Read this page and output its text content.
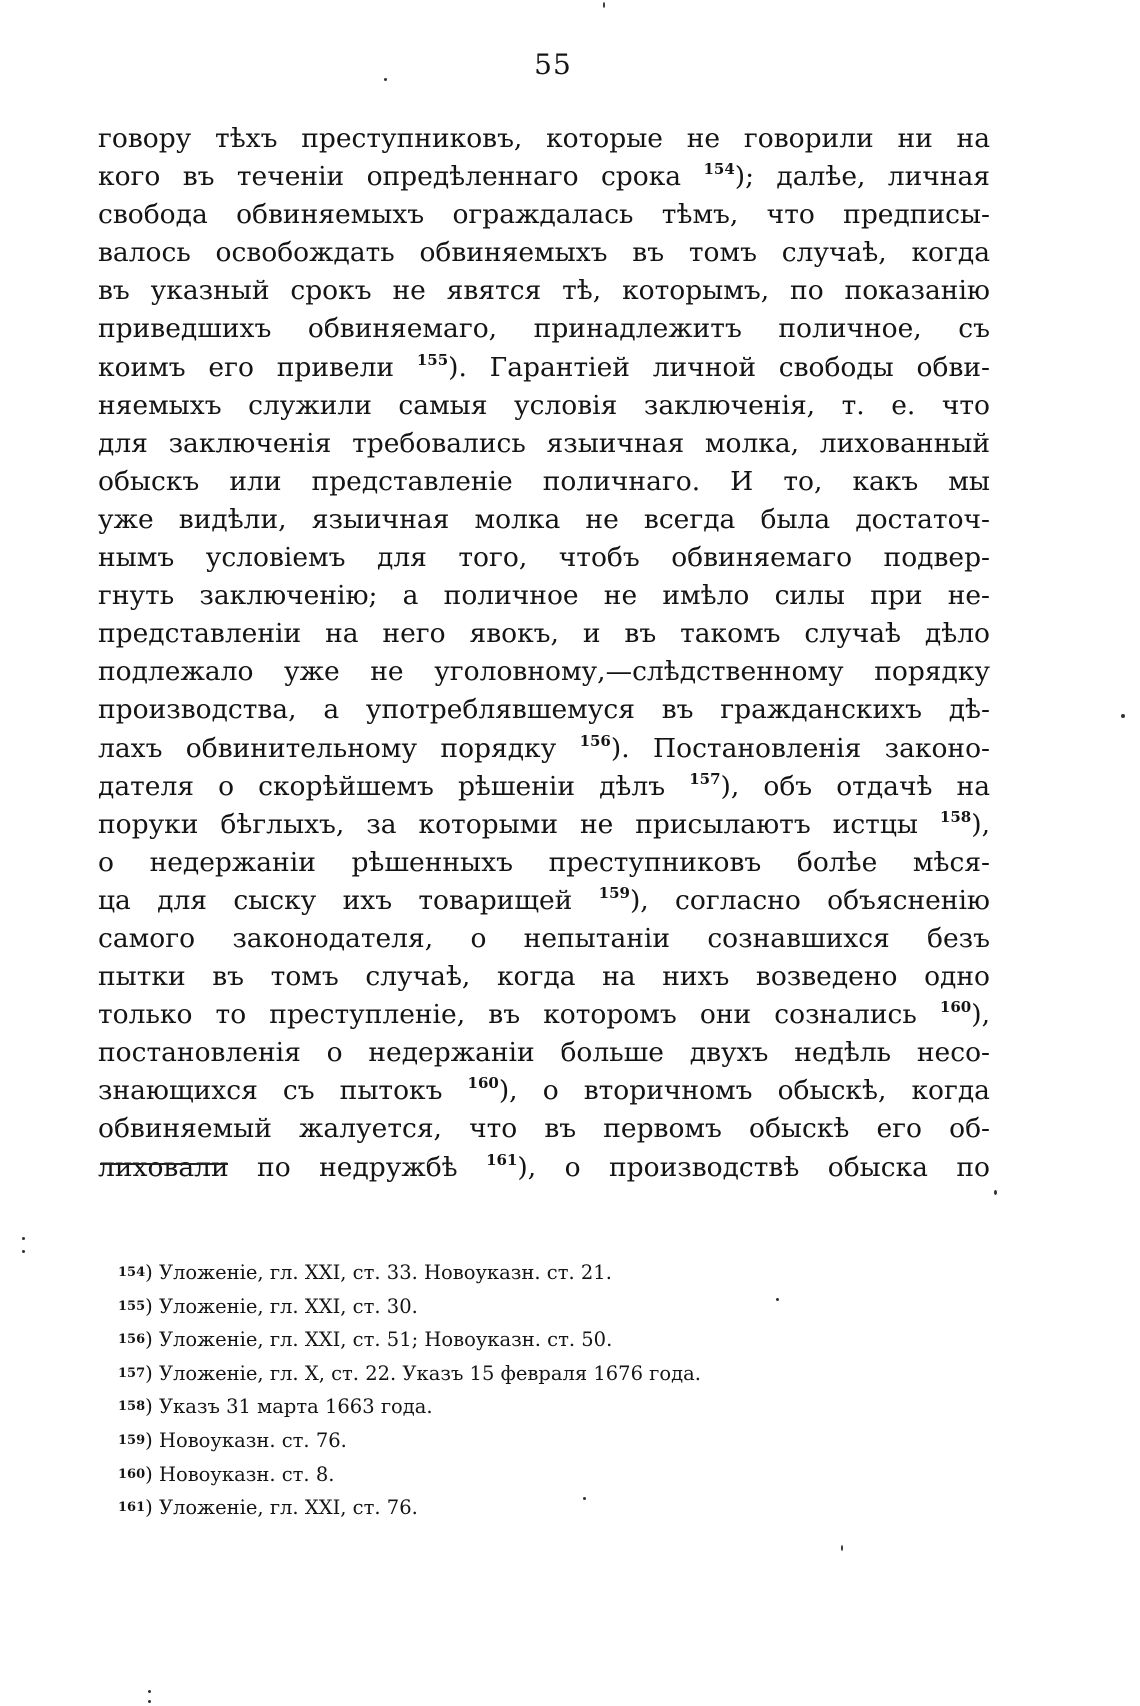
55
говору тѣхъ преступниковъ, которые не говорили ни на
кого въ теченіи опредѣленнаго срока $^{154}$); далѣе, личная
свобода обвиняемыхъ ограждалась тѣмъ, что предписы-
валось освобождать обвиняемыхъ въ томъ случаѣ, когда
въ указный срокъ не явятся тѣ, которымъ, по показанію
приведшихъ обвиняемаго, принадлежитъ поличное, съ
коимъ его привели $^{155}$). Гарантіей личной свободы обви-
няемыхъ служили самыя условія заключенія, т. е. что
для заключенія требовались языичная молка, лихованный
обыскъ или представленіе поличнаго. И то, какъ мы
уже видѣли, языичная молка не всегда была достаточ-
нымъ условіемъ для того, чтобъ обвиняемаго подвер-
гнуть заключенію; а поличное не имѣло силы при не-
представленіи на него явокъ, и въ такомъ случаѣ дѣло
подлежало уже не уголовному,—слѣдственному порядку
производства, а употреблявшемуся въ гражданскихъ дѣ-
лахъ обвинительному порядку $^{156}$). Постановленія законо-
дателя о скорѣйшемъ рѣшеніи дѣлъ $^{157}$), объ отдачѣ на
поруки бѣглыхъ, за которыми не присылаютъ истцы $^{158}$),
о недержаніи рѣшенныхъ преступниковъ болѣе мѣся-
ца для сыску ихъ товарищей $^{159}$), согласно объясненію
самого законодателя, о непытаніи сознавшихся безъ
пытки въ томъ случаѣ, когда на нихъ возведено одно
только то преступленіе, въ которомъ они сознались $^{160}$),
постановленія о недержаніи больше двухъ недѣль несо-
знающихся съ пытокъ $^{160}$), о вторичномъ обыскѣ, когда
обвиняемый жалуется, что въ первомъ обыскѣ его об-
лиховали по недружбѣ $^{161}$), о производствѣ обыска по
154) Уложеніе, гл. XXI, ст. 33. Новоуказн. ст. 21.
155) Уложеніе, гл. XXI, ст. 30.
156) Уложеніе, гл. XXI, ст. 51; Новоуказн. ст. 50.
157) Уложеніе, гл. X, ст. 22. Указъ 15 февраля 1676 года.
158) Указъ 31 марта 1663 года.
159) Новоуказн. ст. 76.
160) Новоуказн. ст. 8.
161) Уложеніе, гл. XXI, ст. 76.
